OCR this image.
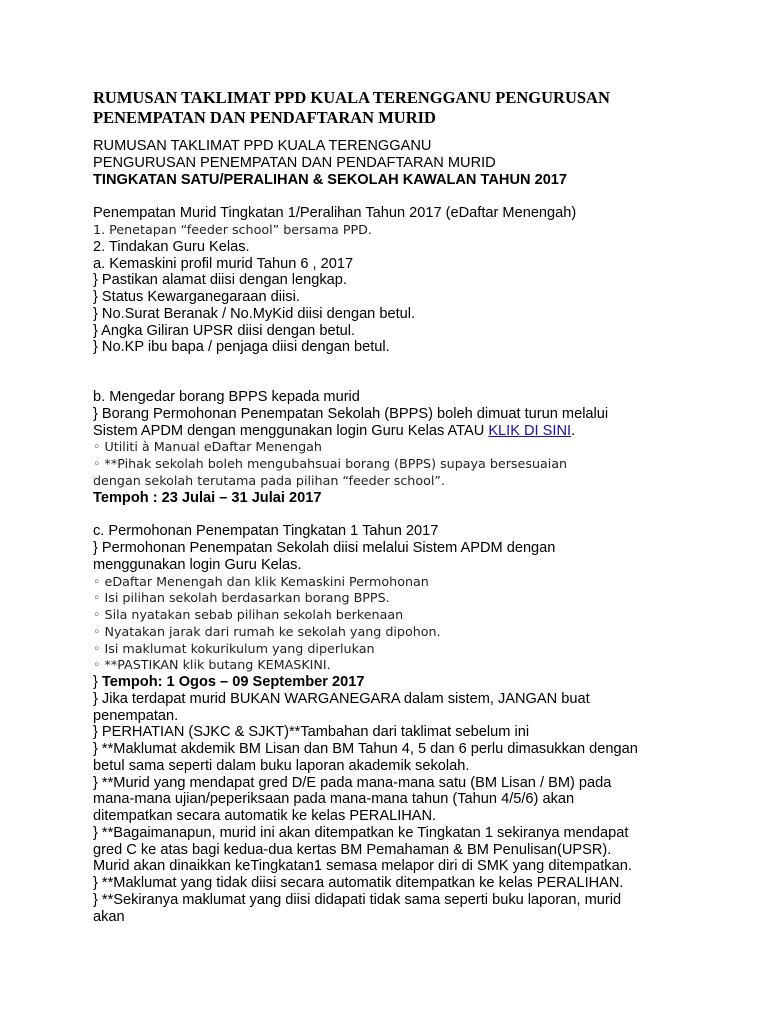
RUMUSAN TAKLIMAT PPD KUALA TERENGGANU PENGURUSAN
PENEMPATAN DAN PENDAFTARAN MURID

RUMUSAN TAKLIMAT PPD KUALA TERENGGANU

PENGURUSAN PENEMPATAN DAN PENDAFTARAN MURID

TINGKATAN SATU/PERALIHAN & SEKOLAH KAWALAN TAHUN 2017

Penempatan Murid Tingkatan 1/Peralihan Tahun 2017 (eDaftar Menengah)

1. Penetapan “feeder school” bersama PPD.

2. Tindakan Guru Kelas.

a. Kemaskini profil murid Tahun 6 , 2017

} Pastikan alamat diisi dengan lengkap.

} Status Kewarganegaraan diisi.

} No.Surat Beranak / No.MyKid diisi dengan betul.

} Angka Giliran UPSR diisi dengan betul.

} No.KP ibu bapa / penjaga diisi dengan betul.

b. Mengedar borang BPPS kepada murid

} Borang Permohonan Penempatan Sekolah (BPPS) boleh dimuat turun melalui

Sistem APDM dengan menggunakan login Guru Kelas ATAU KLIK DI SINI.

◦ Utiliti à Manual eDaftar Menengah

◦ **Pihak sekolah boleh mengubahsuai borang (BPPS) supaya bersesuaian

dengan sekolah terutama pada pilihan “feeder school”.

Tempoh : 23 Julai – 31 Julai 2017

c. Permohonan Penempatan Tingkatan 1 Tahun 2017

} Permohonan Penempatan Sekolah diisi melalui Sistem APDM dengan

menggunakan login Guru Kelas.

◦ eDaftar Menengah dan klik Kemaskini Permohonan

◦ Isi pilihan sekolah berdasarkan borang BPPS.

◦ Sila nyatakan sebab pilihan sekolah berkenaan

◦ Nyatakan jarak dari rumah ke sekolah yang dipohon.

◦ Isi maklumat kokurikulum yang diperlukan

◦ **PASTIKAN klik butang KEMASKINI.

} Tempoh: 1 Ogos – 09 September 2017

} Jika terdapat murid BUKAN WARGANEGARA dalam sistem, JANGAN buat

penempatan.

} PERHATIAN (SJKC & SJKT)**Tambahan dari taklimat sebelum ini

} **Maklumat akdemik BM Lisan dan BM Tahun 4, 5 dan 6 perlu dimasukkan dengan

betul sama seperti dalam buku laporan akademik sekolah.

} **Murid yang mendapat gred D/E pada mana-mana satu (BM Lisan / BM) pada

mana-mana ujian/peperiksaan pada mana-mana tahun (Tahun 4/5/6) akan

ditempatkan secara automatik ke kelas PERALIHAN.

} **Bagaimanapun, murid ini akan ditempatkan ke Tingkatan 1 sekiranya mendapat

gred C ke atas bagi kedua-dua kertas BM Pemahaman & BM Penulisan(UPSR).

Murid akan dinaikkan keTingkatan1 semasa melapor diri di SMK yang ditempatkan.

} **Maklumat yang tidak diisi secara automatik ditempatkan ke kelas PERALIHAN.

} **Sekiranya maklumat yang diisi didapati tidak sama seperti buku laporan, murid

akan
